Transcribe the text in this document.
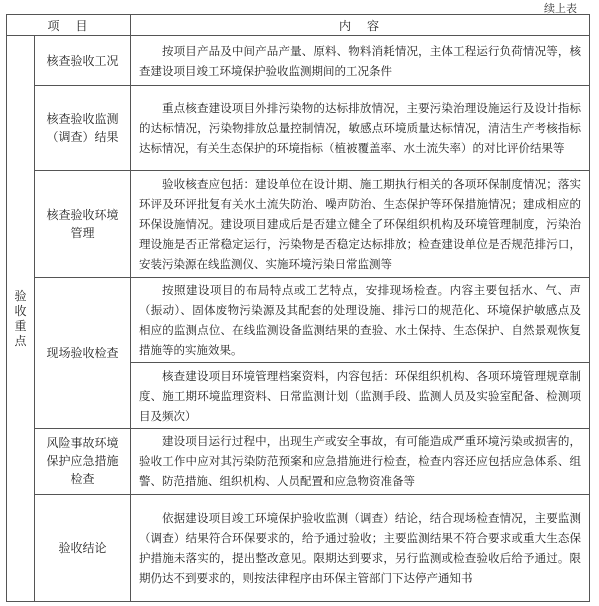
续上表
项　目		内　容
验收重点	核查验收工况	按项目产品及中间产品产量、原料、物料消耗情况，主体工程运行负荷情况等，核查建设项目竣工环境保护验收监测期间的工况条件
	核查验收监测（调查）结果	重点核查建设项目外排污染物的达标排放情况，主要污染治理设施运行及设计指标的达标情况，污染物排放总量控制情况，敏感点环境质量达标情况，清洁生产考核指标达标情况，有关生态保护的环境指标（植被覆盖率、水土流失率）的对比评价结果等
	核查验收环境管理	验收核查应包括：建设单位在设计期、施工期执行相关的各项环保制度情况；落实环评及环评批复有关水土流失防治、噪声防治、生态保护等环保措施情况；建成相应的环保设施情况。建设项目建成后是否建立健全了环保组织机构及环境管理制度，污染治理设施是否正常稳定运行，污染物是否稳定达标排放；检查建设单位是否规范排污口，安装污染源在线监测仪、实施环境污染日常监测等
	现场验收检查	按照建设项目的布局特点或工艺特点，安排现场检查。内容主要包括水、气、声（振动）、固体废物污染源及其配套的处理设施、排污口的规范化、环境保护敏感点及相应的监测点位、在线监测设备监测结果的查验、水土保持、生态保护、自然景观恢复措施等的实施效果。
		核查建设项目环境管理档案资料，内容包括：环保组织机构、各项环境管理规章制度、施工期环境监理资料、日常监测计划（监测手段、监测人员及实验室配备、检测项目及频次）
	风险事故环境保护应急措施检查	建设项目运行过程中，出现生产或安全事故，有可能造成严重环境污染或损害的，验收工作中应对其污染防范预案和应急措施进行检查，检查内容还应包括应急体系、组警、防范措施、组织机构、人员配置和应急物资准备等
	验收结论	依据建设项目竣工环境保护验收监测（调查）结论，结合现场检查情况，主要监测（调查）结果符合环保要求的，给予通过验收；主要监测结果不符合要求或重大生态保护措施未落实的，提出整改意见。限期达到要求，另行监测或检查验收后给予通过。限期仍达不到要求的，则按法律程序由环保主管部门下达停产通知书
